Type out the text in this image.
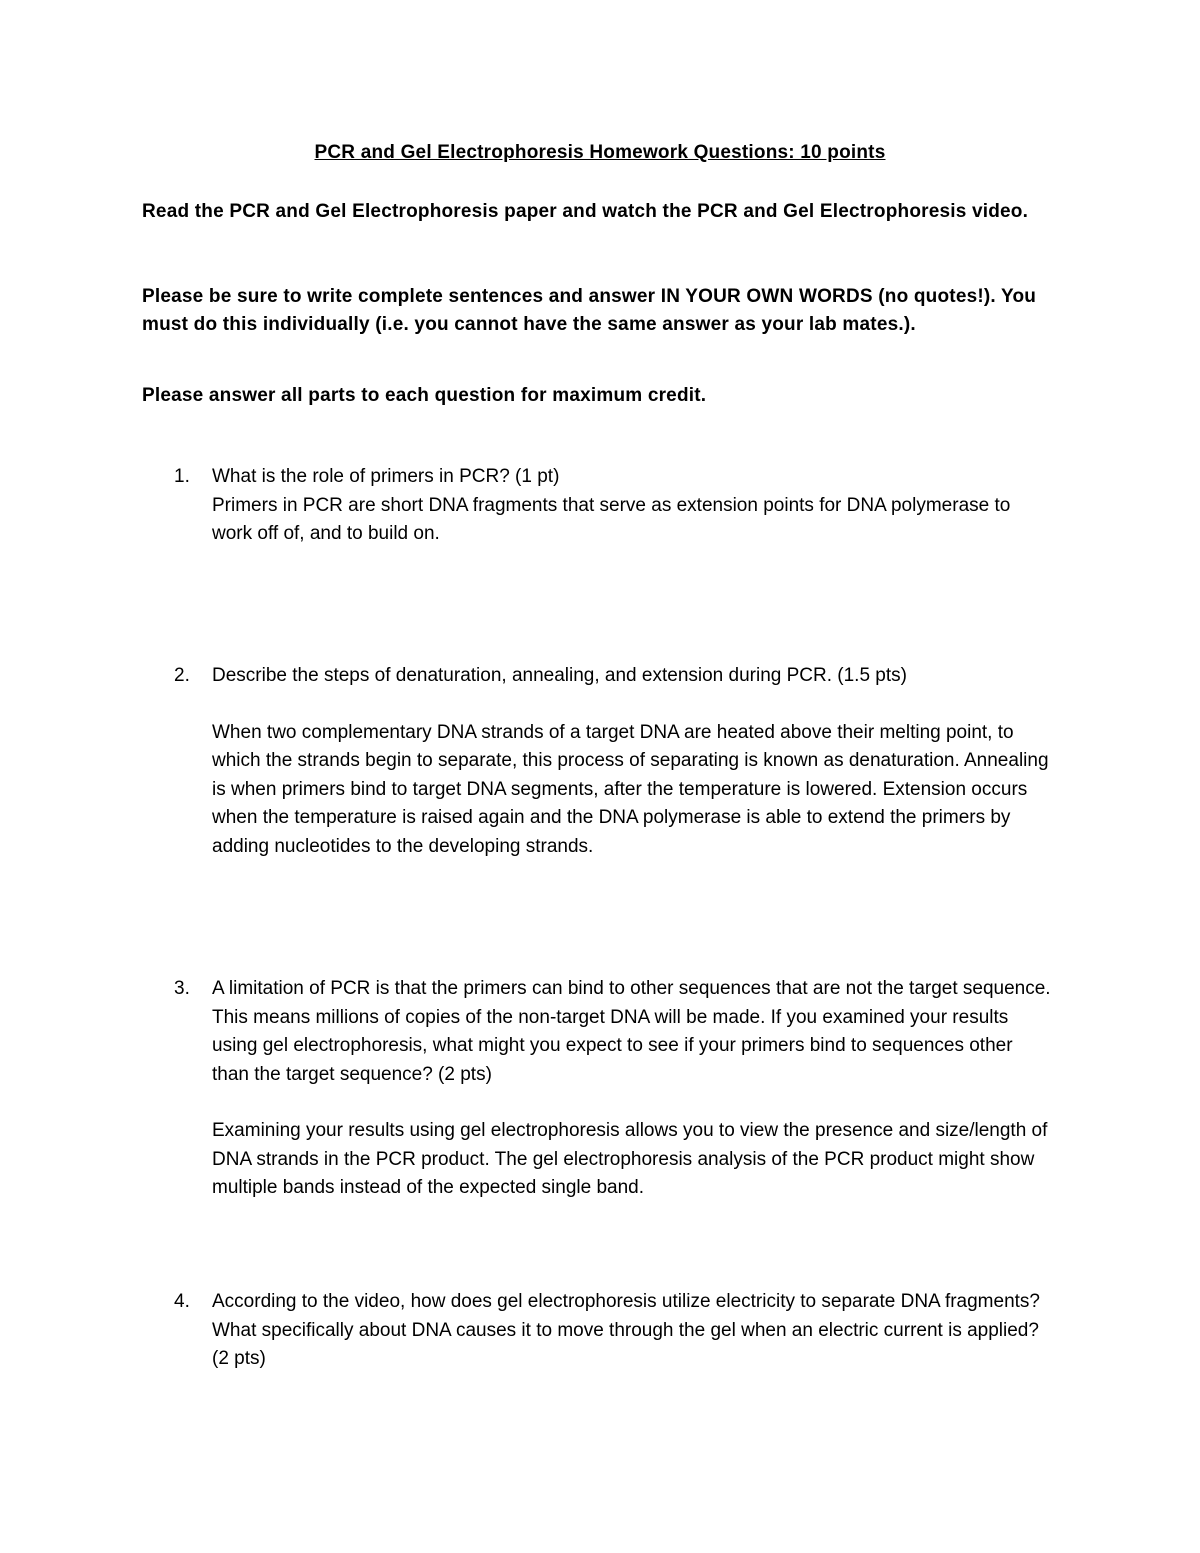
PCR and Gel Electrophoresis Homework Questions: 10 points

Read the PCR and Gel Electrophoresis paper and watch the PCR and Gel Electrophoresis video.

Please be sure to write complete sentences and answer IN YOUR OWN WORDS (no quotes!). You must do this individually (i.e. you cannot have the same answer as your lab mates.).

Please answer all parts to each question for maximum credit.

1.	What is the role of primers in PCR? (1 pt)
Primers in PCR are short DNA fragments that serve as extension points for DNA polymerase to work off of, and to build on.
2.	Describe the steps of denaturation, annealing, and extension during PCR. (1.5 pts)
When two complementary DNA strands of a target DNA are heated above their melting point, to which the strands begin to separate, this process of separating is known as denaturation. Annealing is when primers bind to target DNA segments, after the temperature is lowered. Extension occurs when the temperature is raised again and the DNA polymerase is able to extend the primers by adding nucleotides to the developing strands.
3.	A limitation of PCR is that the primers can bind to other sequences that are not the target sequence. This means millions of copies of the non-target DNA will be made. If you examined your results using gel electrophoresis, what might you expect to see if your primers bind to sequences other than the target sequence? (2 pts)
Examining your results using gel electrophoresis allows you to view the presence and size/length of DNA strands in the PCR product. The gel electrophoresis analysis of the PCR product might show multiple bands instead of the expected single band.
4.	According to the video, how does gel electrophoresis utilize electricity to separate DNA fragments? What specifically about DNA causes it to move through the gel when an electric current is applied? (2 pts)
